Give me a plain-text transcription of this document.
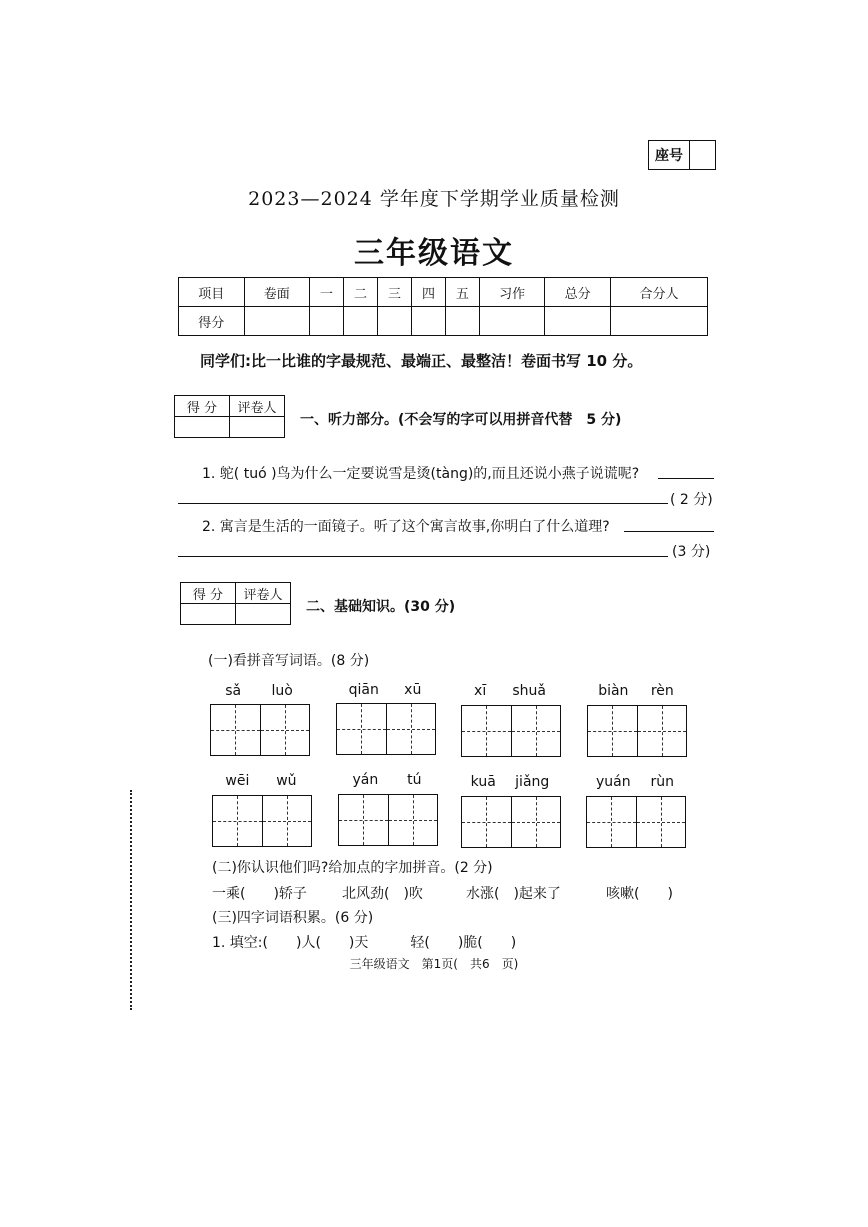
座号
2023—2024 学年度下学期学业质量检测
三年级语文
项目	卷面	一	二	三	四	五	习作	总分	合分人
得分									
同学们:比一比谁的字最规范、最端正、最整洁！卷面书写 10 分。
得 分	评卷人

一、听力部分。(不会写的字可以用拼音代替　5 分)
1. 鸵( tuó )鸟为什么一定要说雪是烫(tàng)的,而且还说小燕子说谎呢?
( 2 分)
2. 寓言是生活的一面镜子。听了这个寓言故事,你明白了什么道理?
(3 分)
得 分	评卷人

二、基础知识。(30 分)
(一)看拼音写词语。(8 分)
sǎ luò	qiān xū	xī shuǎ	biàn rèn
wēi wǔ	yán tú	kuā jiǎng	yuán rùn
(二)你认识他们吗?给加点的字加拼音。(2 分)
一乘(　　)轿子	北风劲(　)吹	水涨(　)起来了	咳嗽(　　)
(三)四字词语积累。(6 分)
1. 填空:(　　)人(　　)天　　　轻(　　)脆(　　)
三年级语文　第1页(　共6　页)
